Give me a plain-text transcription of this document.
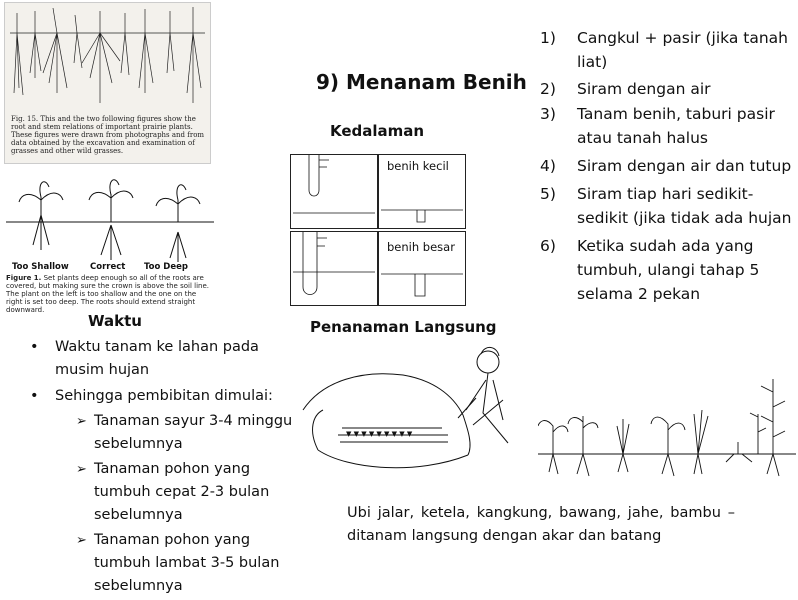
Fig. 15. This and the two following figures show the root and stem relations of important prairie plants. These figures were drawn from photographs and from data obtained by the excavation and examination of grasses and other wild grasses.
Too Shallow	Correct Too Deep
Figure 1. Set plants deep enough so all of the roots are covered, but making sure the crown is above the soil line. The plant on the left is too shallow and the one on the right is set too deep. The roots should extend straight downward.
9) Menanam Benih
Kedalaman
benih kecil
benih besar
Penanaman Langsung
▼ ▼ ▼ ▼ ▼ ▼ ▼ ▼ ▼
1) Cangkul + pasir (jika tanah liat)
2) Siram dengan air
3) Tanam benih, taburi pasir atau tanah halus
4) Siram dengan air dan tutup
5) Siram tiap hari sedikit-sedikit (jika tidak ada hujan
6) Ketika sudah ada yang tumbuh, ulangi tahap 5 selama 2 pekan
Waktu
• Waktu tanam ke lahan pada musim hujan
• Sehingga pembibitan dimulai:
➢ Tanaman sayur 3-4 minggu sebelumnya
➢ Tanaman pohon yang tumbuh cepat 2-3 bulan sebelumnya
➢ Tanaman pohon yang tumbuh lambat 3-5 bulan sebelumnya
Ubi jalar, ketela, kangkung, bawang, jahe, bambu – ditanam langsung dengan akar dan batang
